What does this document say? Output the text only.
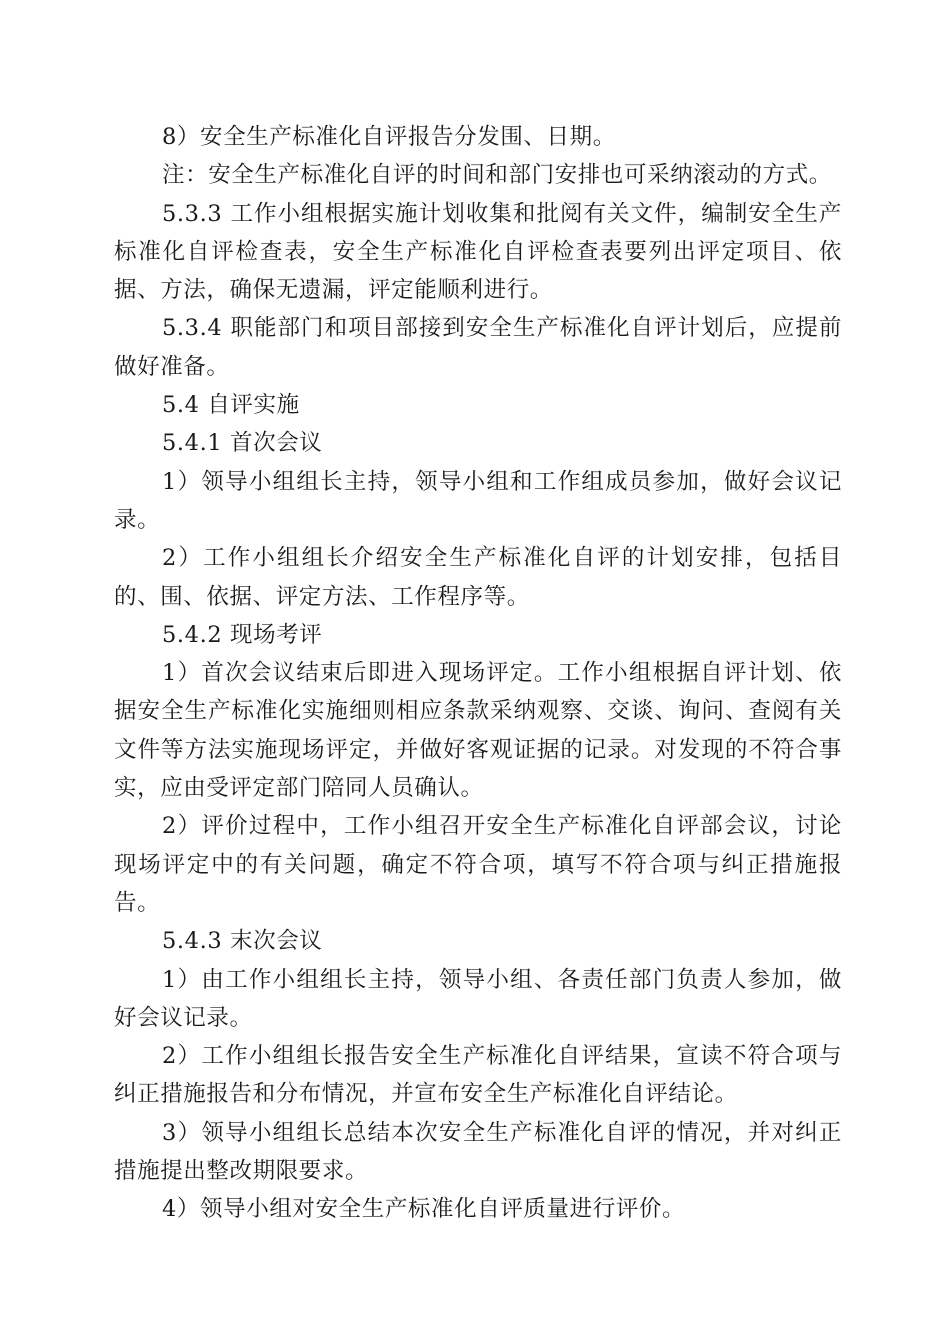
8）安全生产标准化自评报告分发围、日期。

注：安全生产标准化自评的时间和部门安排也可采纳滚动的方式。

5.3.3 工作小组根据实施计划收集和批阅有关文件，编制安全生产标准化自评检查表，安全生产标准化自评检查表要列出评定项目、依据、方法，确保无遗漏，评定能顺利进行。

5.3.4 职能部门和项目部接到安全生产标准化自评计划后，应提前做好准备。

5.4 自评实施

5.4.1 首次会议

1）领导小组组长主持，领导小组和工作组成员参加，做好会议记录。

2）工作小组组长介绍安全生产标准化自评的计划安排，包括目的、围、依据、评定方法、工作程序等。

5.4.2 现场考评

1）首次会议结束后即进入现场评定。工作小组根据自评计划、依据安全生产标准化实施细则相应条款采纳观察、交谈、询问、查阅有关文件等方法实施现场评定，并做好客观证据的记录。对发现的不符合事实，应由受评定部门陪同人员确认。

2）评价过程中，工作小组召开安全生产标准化自评部会议，讨论现场评定中的有关问题，确定不符合项，填写不符合项与纠正措施报告。

5.4.3 末次会议

1）由工作小组组长主持，领导小组、各责任部门负责人参加，做好会议记录。

2）工作小组组长报告安全生产标准化自评结果，宣读不符合项与纠正措施报告和分布情况，并宣布安全生产标准化自评结论。

3）领导小组组长总结本次安全生产标准化自评的情况，并对纠正措施提出整改期限要求。

4）领导小组对安全生产标准化自评质量进行评价。
